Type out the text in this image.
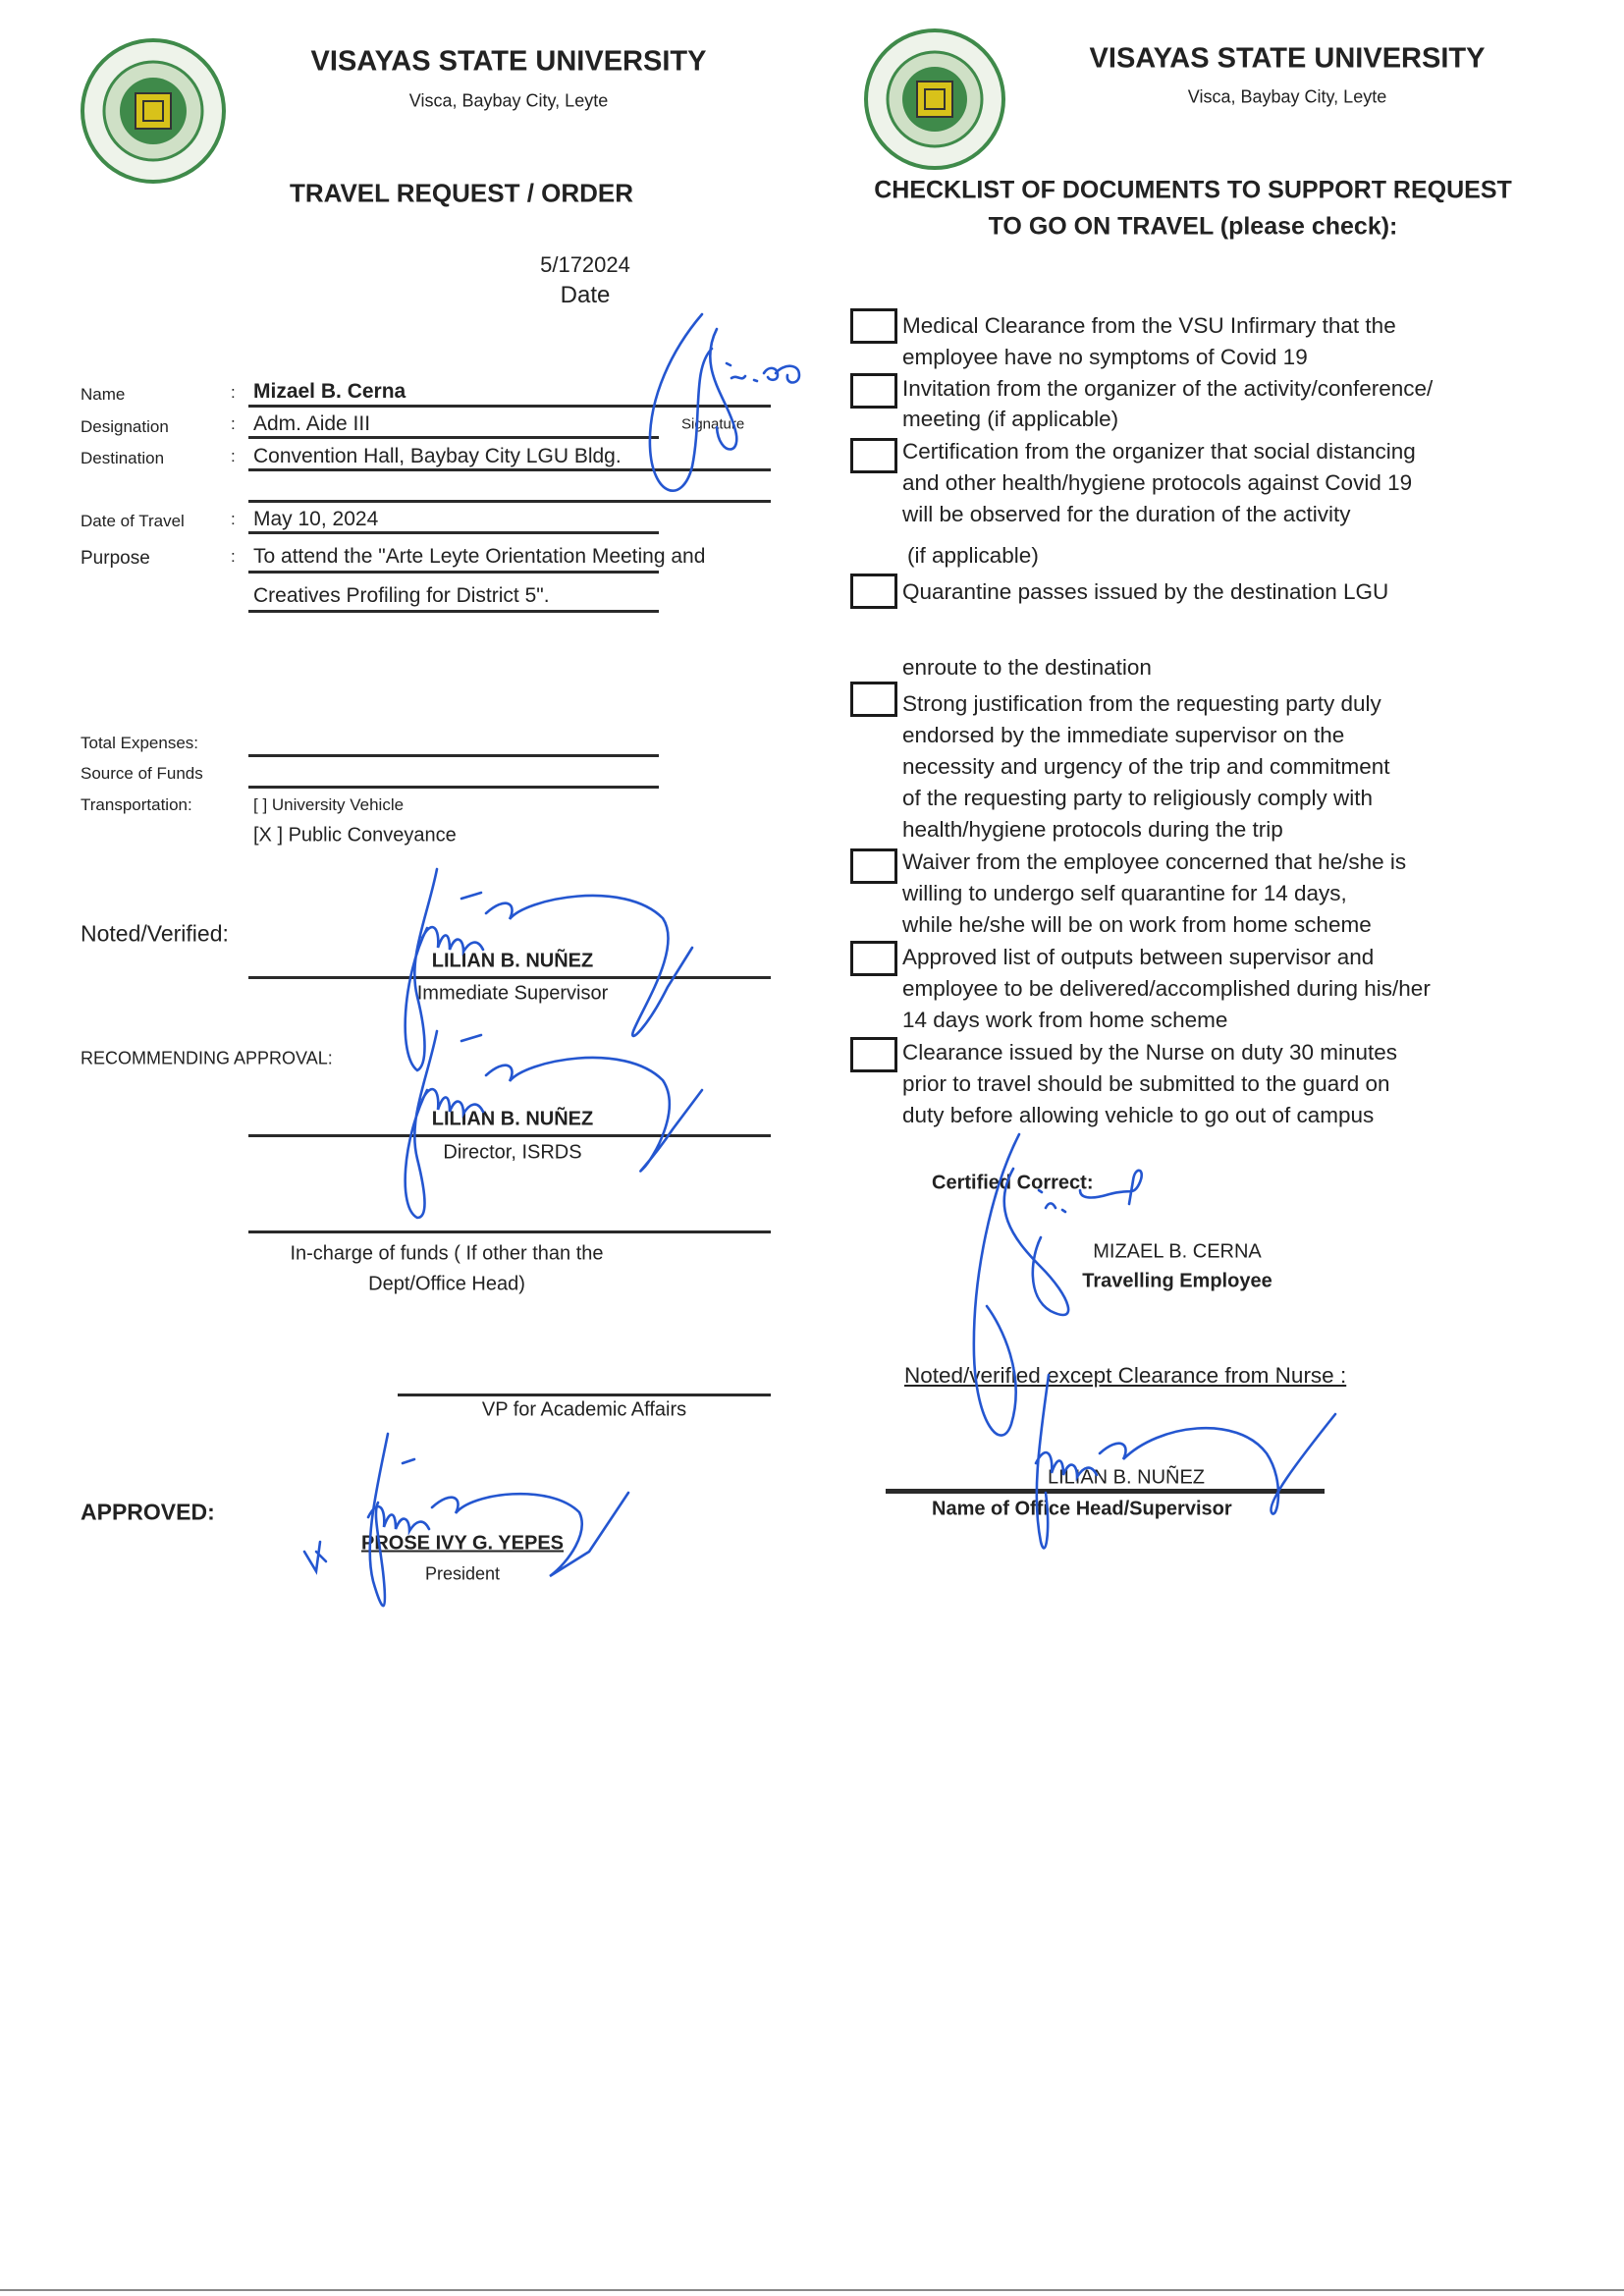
VISAYAS STATE UNIVERSITY
Visca, Baybay City, Leyte
TRAVEL REQUEST / ORDER
VISAYAS STATE UNIVERSITY
Visca, Baybay City, Leyte
CHECKLIST OF DOCUMENTS TO SUPPORT REQUEST
TO GO ON TRAVEL (please check):
5/172024
Date
Name	: Mizael B. Cerna
Designation	: Adm. Aide III	Signature
Destination	: Convention Hall, Baybay City LGU Bldg.
Date of Travel	: May 10, 2024
Purpose	: To attend the "Arte Leyte Orientation Meeting and
Creatives Profiling for District 5".
Total Expenses:
Source of Funds
Transportation:	[ ] University Vehicle
[X ] Public Conveyance
Noted/Verified:
LILIAN B. NUÑEZ
Immediate Supervisor
RECOMMENDING APPROVAL:
LILIAN B. NUÑEZ
Director, ISRDS
In-charge of funds ( If other than the
Dept/Office Head)
VP for Academic Affairs
APPROVED:
PROSE IVY G. YEPES
President
Medical Clearance from the VSU Infirmary that the
employee have no symptoms of Covid 19
Invitation from the organizer of the activity/conference/
meeting (if applicable)
Certification from the organizer that social distancing
and other health/hygiene protocols against Covid 19
will be observed for the duration of the activity
(if applicable)
Quarantine passes issued by the destination LGU
enroute to the destination
Strong justification from the requesting party duly
endorsed by the immediate supervisor on the
necessity and urgency of the trip and commitment
of the requesting party to religiously comply with
health/hygiene protocols during the trip
Waiver from the employee concerned that he/she is
willing to undergo self quarantine for 14 days,
while he/she will be on work from home scheme
Approved list of outputs between supervisor and
employee to be delivered/accomplished during his/her
14 days work from home scheme
Clearance issued by the Nurse on duty 30 minutes
prior to travel should be submitted to the guard on
duty before allowing vehicle to go out of campus
Certified Correct:
MIZAEL B. CERNA
Travelling Employee
Noted/verified except Clearance from Nurse :
LILIAN B. NUÑEZ
Name of Office Head/Supervisor
